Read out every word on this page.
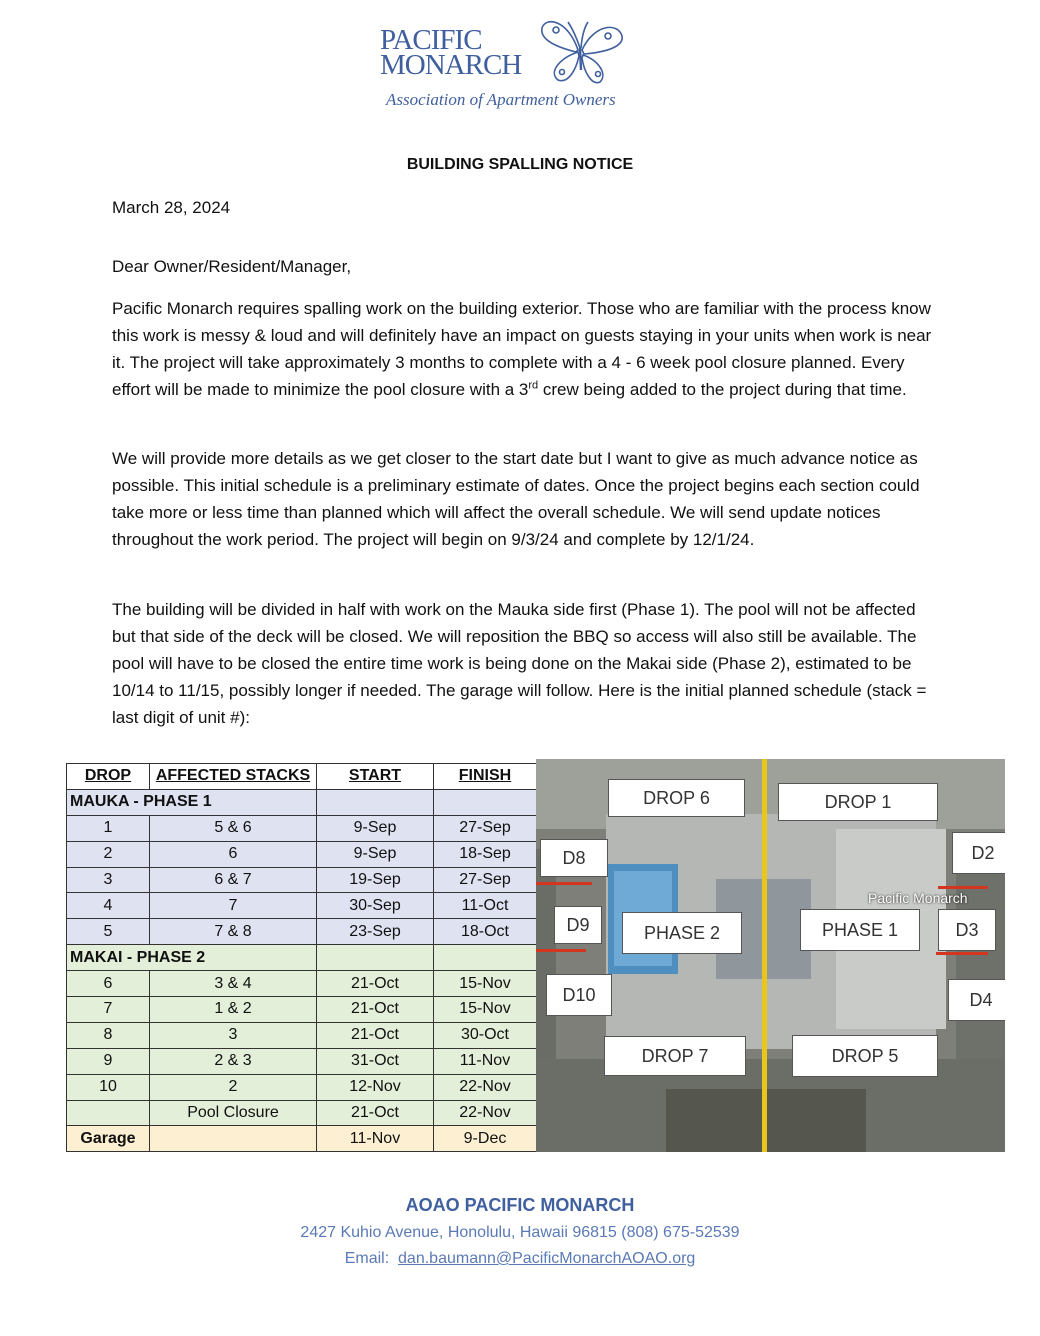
PACIFIC
MONARCH
Association of Apartment Owners
BUILDING SPALLING NOTICE
March 28, 2024
Dear Owner/Resident/Manager,
Pacific Monarch requires spalling work on the building exterior. Those who are familiar with the process know this work is messy & loud and will definitely have an impact on guests staying in your units when work is near it. The project will take approximately 3 months to complete with a 4 - 6 week pool closure planned. Every effort will be made to minimize the pool closure with a 3rd crew being added to the project during that time.
We will provide more details as we get closer to the start date but I want to give as much advance notice as possible. This initial schedule is a preliminary estimate of dates. Once the project begins each section could take more or less time than planned which will affect the overall schedule. We will send update notices throughout the work period. The project will begin on 9/3/24 and complete by 12/1/24.
The building will be divided in half with work on the Mauka side first (Phase 1). The pool will not be affected but that side of the deck will be closed. We will reposition the BBQ so access will also still be available. The pool will have to be closed the entire time work is being done on the Makai side (Phase 2), estimated to be 10/14 to 11/15, possibly longer if needed. The garage will follow. Here is the initial planned schedule (stack = last digit of unit #):
DROP	AFFECTED STACKS	START	FINISH
MAUKA - PHASE 1			
1	5 & 6	9-Sep	27-Sep
2	6	9-Sep	18-Sep
3	6 & 7	19-Sep	27-Sep
4	7	30-Sep	11-Oct
5	7 & 8	23-Sep	18-Oct
MAKAI - PHASE 2			
6	3 & 4	21-Oct	15-Nov
7	1 & 2	21-Oct	15-Nov
8	3	21-Oct	30-Oct
9	2 & 3	31-Oct	11-Nov
10	2	12-Nov	22-Nov
	Pool Closure	21-Oct	22-Nov
Garage		11-Nov	9-Dec
Pacific Monarch
DROP 6	DROP 1
D8	D2
D9	PHASE 2	PHASE 1	D3
D10	D4
DROP 7	DROP 5
AOAO PACIFIC MONARCH
2427 Kuhio Avenue, Honolulu, Hawaii 96815 (808) 675-52539
Email: dan.baumann@PacificMonarchAOAO.org
